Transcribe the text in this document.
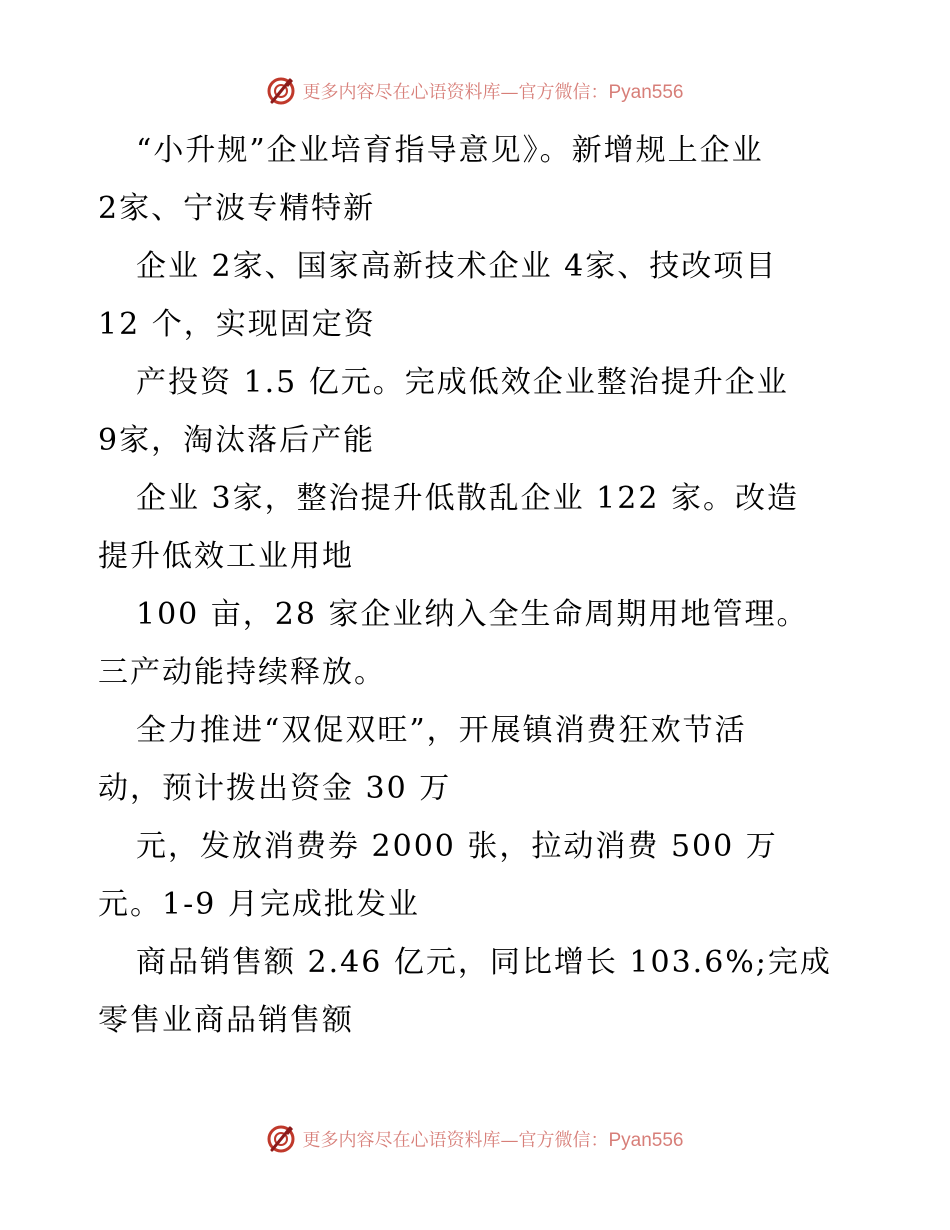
更多内容尽在心语资料库—官方微信：Pyan556
“小升规”企业培育指导意见》。新增规上企业
2家、宁波专精特新
企业 2家、国家高新技术企业 4家、技改项目
12 个，实现固定资
产投资 1.5 亿元。完成低效企业整治提升企业
9家，淘汰落后产能
企业 3家，整治提升低散乱企业 122 家。改造
提升低效工业用地
100 亩，28 家企业纳入全生命周期用地管理。
三产动能持续释放。
全力推进“双促双旺”，开展镇消费狂欢节活
动，预计拨出资金 30 万
元，发放消费券 2000 张，拉动消费 500 万
元。1-9 月完成批发业
商品销售额 2.46 亿元，同比增长 103.6%;完成
零售业商品销售额
更多内容尽在心语资料库—官方微信：Pyan556
